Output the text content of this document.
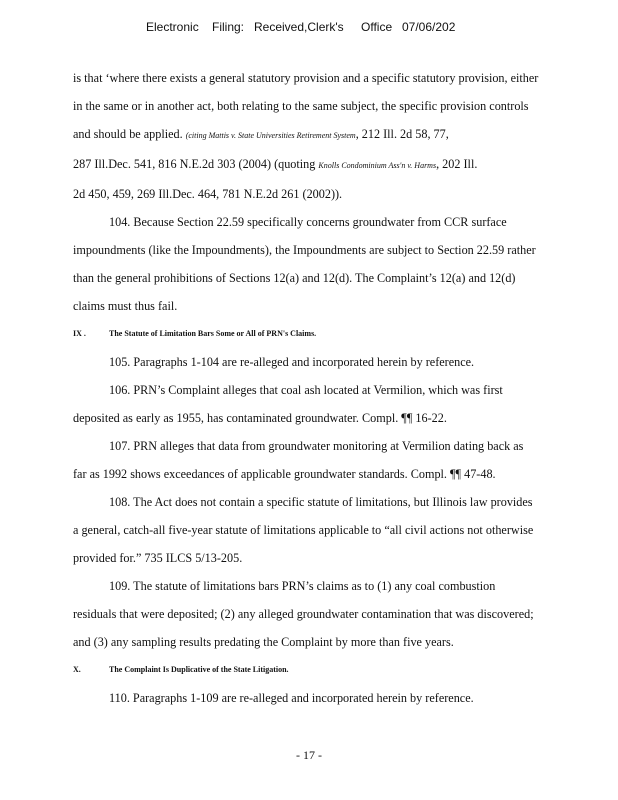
Electronic Filing: Received,Clerk's Office 07/06/202
is that ‘where there exists a general statutory provision and a specific statutory provision, either
in the same or in another act, both relating to the same subject, the specific provision controls
and should be applied. (citing Mattis v. State Universities Retirement System, 212 Ill. 2d 58, 77,
287 Ill.Dec. 541, 816 N.E.2d 303 (2004) (quoting Knolls Condominium Ass'n v. Harms, 202 Ill.
2d 450, 459, 269 Ill.Dec. 464, 781 N.E.2d 261 (2002)).
104. Because Section 22.59 specifically concerns groundwater from CCR surface
impoundments (like the Impoundments), the Impoundments are subject to Section 22.59 rather
than the general prohibitions of Sections 12(a) and 12(d). The Complaint’s 12(a) and 12(d)
claims must thus fail.
IX .	The Statute of Limitation Bars Some or All of PRN's Claims.
105. Paragraphs 1-104 are re-alleged and incorporated herein by reference.
106. PRN’s Complaint alleges that coal ash located at Vermilion, which was first
deposited as early as 1955, has contaminated groundwater. Compl. ¶¶ 16-22.
107. PRN alleges that data from groundwater monitoring at Vermilion dating back as
far as 1992 shows exceedances of applicable groundwater standards. Compl. ¶¶ 47-48.
108. The Act does not contain a specific statute of limitations, but Illinois law provides
a general, catch-all five-year statute of limitations applicable to “all civil actions not otherwise
provided for.” 735 ILCS 5/13-205.
109. The statute of limitations bars PRN’s claims as to (1) any coal combustion
residuals that were deposited; (2) any alleged groundwater contamination that was discovered;
and (3) any sampling results predating the Complaint by more than five years.
X.	The Complaint Is Duplicative of the State Litigation.
110. Paragraphs 1-109 are re-alleged and incorporated herein by reference.
- 17 -
